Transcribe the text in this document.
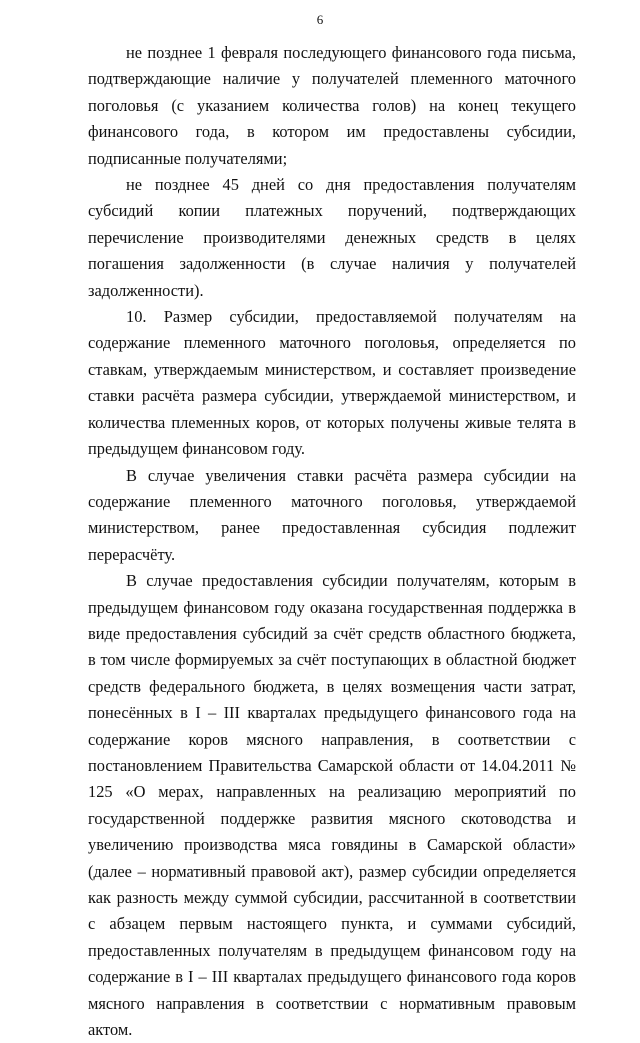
6

не позднее 1 февраля последующего финансового года письма, подтверждающие наличие у получателей племенного маточного поголовья (с указанием количества голов) на конец текущего финансового года, в котором им предоставлены субсидии, подписанные получателями;

не позднее 45 дней со дня предоставления получателям субсидий копии платежных поручений, подтверждающих перечисление производителями денежных средств в целях погашения задолженности (в случае наличия у получателей задолженности).

10. Размер субсидии, предоставляемой получателям на содержание племенного маточного поголовья, определяется по ставкам, утверждаемым министерством, и составляет произведение ставки расчёта размера субсидии, утверждаемой министерством, и количества племенных коров, от которых получены живые телята в предыдущем финансовом году.

В случае увеличения ставки расчёта размера субсидии на содержание племенного маточного поголовья, утверждаемой министерством, ранее предоставленная субсидия подлежит перерасчёту.

В случае предоставления субсидии получателям, которым в предыдущем финансовом году оказана государственная поддержка в виде предоставления субсидий за счёт средств областного бюджета, в том числе формируемых за счёт поступающих в областной бюджет средств федерального бюджета, в целях возмещения части затрат, понесённых в I – III кварталах предыдущего финансового года на содержание коров мясного направления, в соответствии с постановлением Правительства Самарской области от 14.04.2011 № 125 «О мерах, направленных на реализацию мероприятий по государственной поддержке развития мясного скотоводства и увеличению производства мяса говядины в Самарской области» (далее – нормативный правовой акт), размер субсидии определяется как разность между суммой субсидии, рассчитанной в соответствии с абзацем первым настоящего пункта, и суммами субсидий, предоставленных получателям в предыдущем финансовом году на содержание в I – III кварталах предыдущего финансового года коров мясного направления в соответствии с нормативным правовым актом.
